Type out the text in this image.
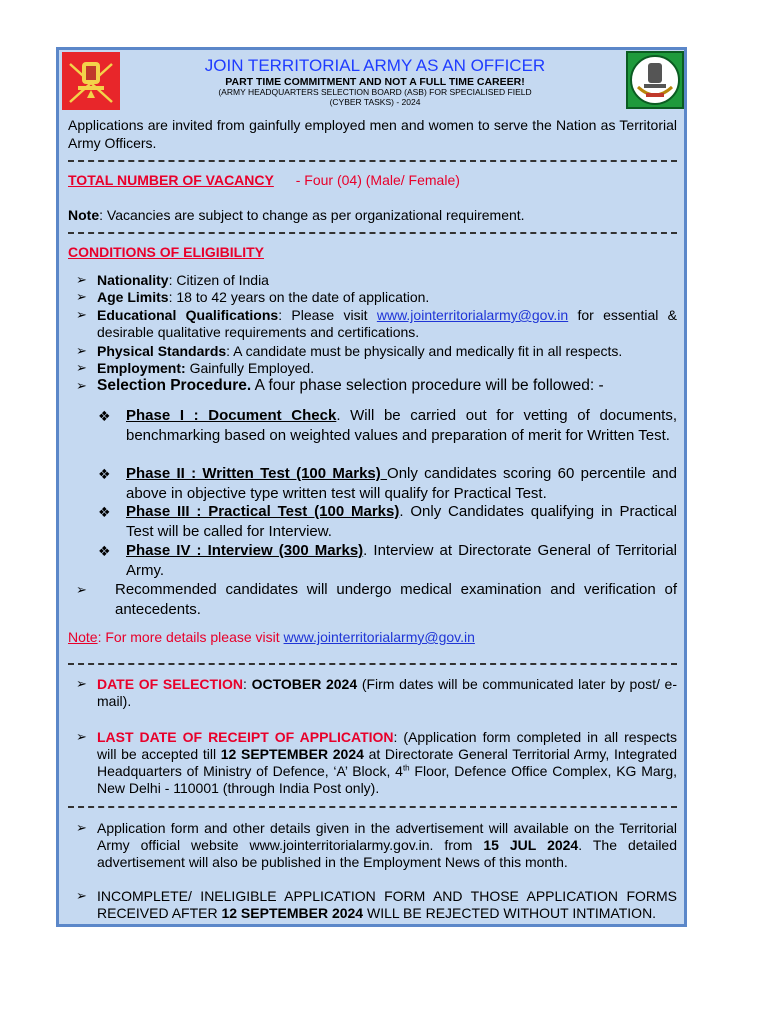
JOIN TERRITORIAL ARMY AS AN OFFICER
PART TIME COMMITMENT AND NOT A FULL TIME CAREER!
(ARMY HEADQUARTERS SELECTION BOARD (ASB) FOR SPECIALISED FIELD
(CYBER TASKS) - 2024
Applications are invited from gainfully employed men and women to serve the Nation as Territorial Army Officers.
TOTAL NUMBER OF VACANCY - Four (04) (Male/ Female)
Note: Vacancies are subject to change as per organizational requirement.
CONDITIONS OF ELIGIBILITY
➢ Nationality: Citizen of India
➢ Age Limits: 18 to 42 years on the date of application.
➢ Educational Qualifications: Please visit www.jointerritorialarmy@gov.in for essential & desirable qualitative requirements and certifications.
➢ Physical Standards: A candidate must be physically and medically fit in all respects.
➢ Employment: Gainfully Employed.
➢ Selection Procedure. A four phase selection procedure will be followed: -
❖ Phase I : Document Check. Will be carried out for vetting of documents, benchmarking based on weighted values and preparation of merit for Written Test.
❖ Phase II : Written Test (100 Marks) Only candidates scoring 60 percentile and above in objective type written test will qualify for Practical Test.
❖ Phase III : Practical Test (100 Marks). Only Candidates qualifying in Practical Test will be called for Interview.
❖ Phase IV : Interview (300 Marks). Interview at Directorate General of Territorial Army.
➢ Recommended candidates will undergo medical examination and verification of antecedents.
Note: For more details please visit www.jointerritorialarmy@gov.in
➢ DATE OF SELECTION: OCTOBER 2024 (Firm dates will be communicated later by post/ e-mail).
➢ LAST DATE OF RECEIPT OF APPLICATION: (Application form completed in all respects will be accepted till 12 SEPTEMBER 2024 at Directorate General Territorial Army, Integrated Headquarters of Ministry of Defence, ‘A’ Block, 4th Floor, Defence Office Complex, KG Marg, New Delhi - 110001 (through India Post only).
➢ Application form and other details given in the advertisement will available on the Territorial Army official website www.jointerritorialarmy.gov.in. from 15 JUL 2024. The detailed advertisement will also be published in the Employment News of this month.
➢ INCOMPLETE/ INELIGIBLE APPLICATION FORM AND THOSE APPLICATION FORMS RECEIVED AFTER 12 SEPTEMBER 2024 WILL BE REJECTED WITHOUT INTIMATION.
